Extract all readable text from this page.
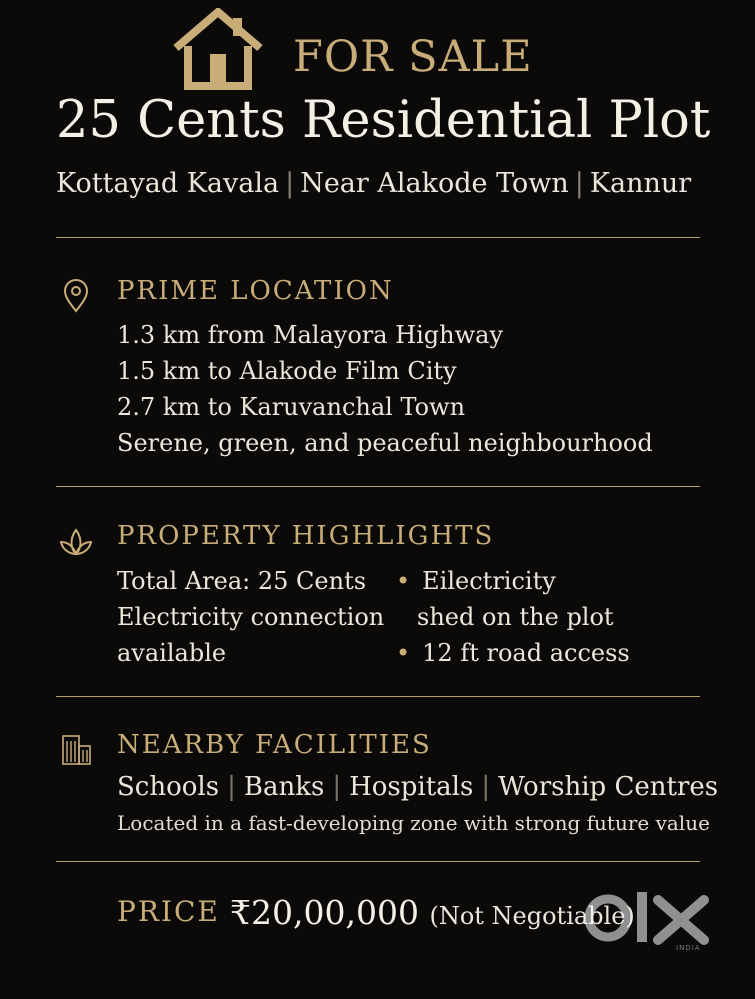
FOR SALE
25 Cents Residential Plot
Kottayad Kavala | Near Alakode Town | Kannur
PRIME LOCATION
1.3 km from Malayora Highway
1.5 km to Alakode Film City
2.7 km to Karuvanchal Town
Serene, green, and peaceful neighbourhood
PROPERTY HIGHLIGHTS
Total Area: 25 Cents
Electricity connection
available
• Eilectricity
shed on the plot
• 12 ft road access
NEARBY FACILITIES
Schools | Banks | Hospitals | Worship Centres
Located in a fast-developing zone with strong future value
PRICE ₹20,00,000 (Not Negotiable)
INDIA
